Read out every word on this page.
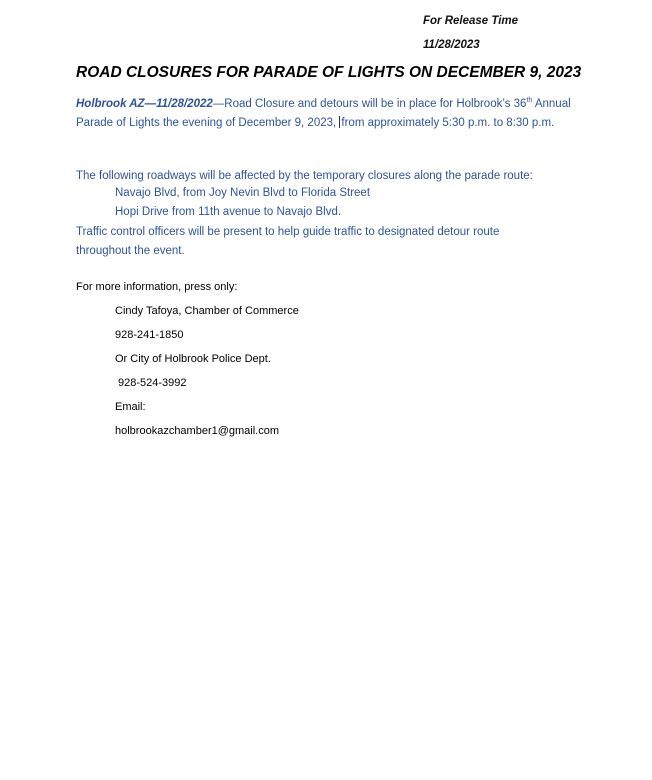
For Release Time
11/28/2023
ROAD CLOSURES FOR PARADE OF LIGHTS ON DECEMBER 9, 2023

Holbrook AZ—11/28/2022—Road Closure and detours will be in place for Holbrook’s 36th Annual Parade of Lights the evening of December 9, 2023, from approximately 5:30 p.m. to 8:30 p.m.

The following roadways will be affected by the temporary closures along the parade route:

Navajo Blvd, from Joy Nevin Blvd to Florida Street
Hopi Drive from 11th avenue to Navajo Blvd.

Traffic control officers will be present to help guide traffic to designated detour route throughout the event.

For more information, press only:
Cindy Tafoya, Chamber of Commerce
928-241-1850
Or City of Holbrook Police Dept.
928-524-3992
Email:
holbrookazchamber1@gmail.com
